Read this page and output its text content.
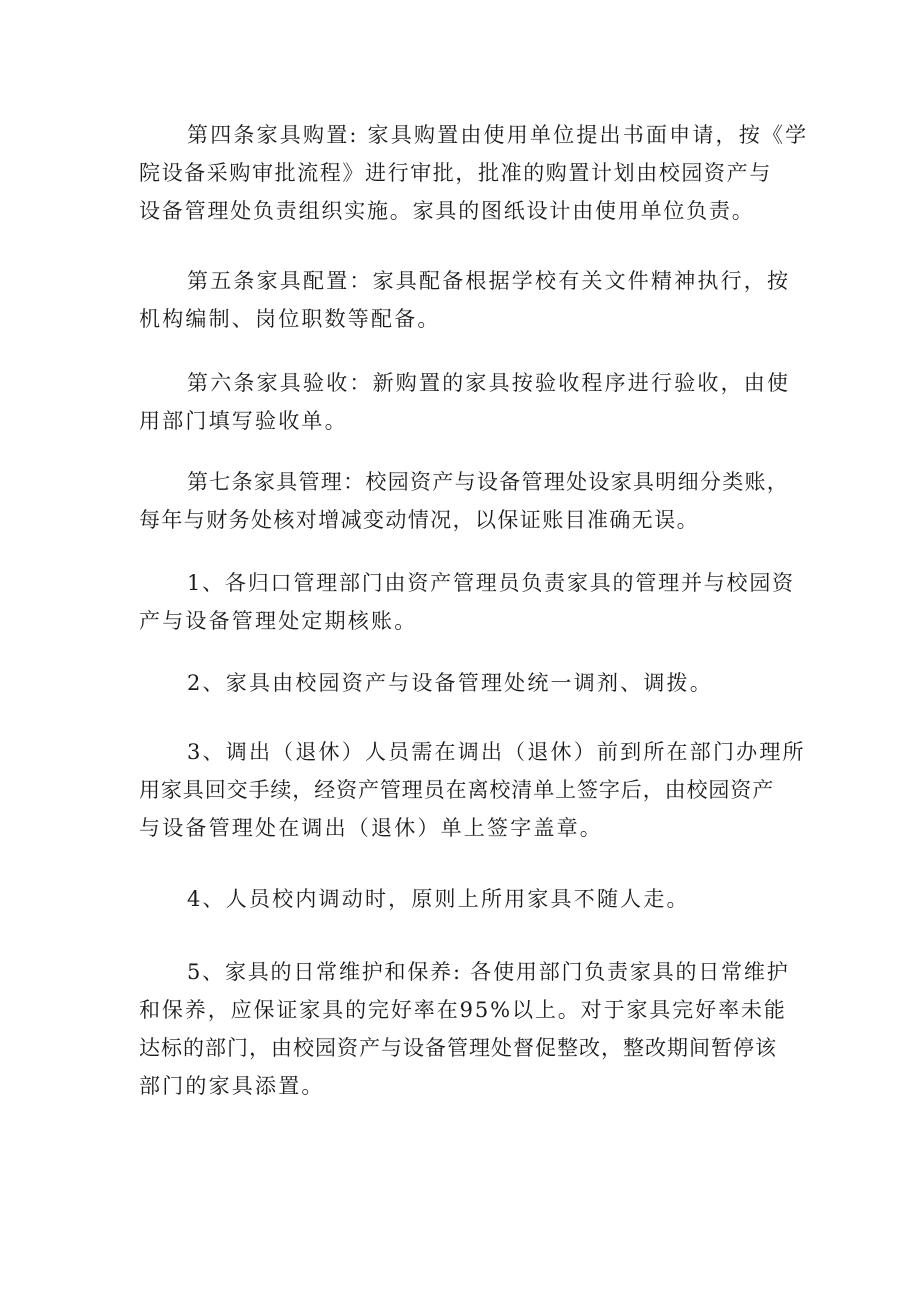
第四条家具购置: 家具购置由使用单位提出书面申请，按《学
院设备采购审批流程》进行审批，批准的购置计划由校园资产与
设备管理处负责组织实施。家具的图纸设计由使用单位负责。

第五条家具配置：家具配备根据学校有关文件精神执行，按
机构编制、岗位职数等配备。

第六条家具验收：新购置的家具按验收程序进行验收，由使
用部门填写验收单。

第七条家具管理：校园资产与设备管理处设家具明细分类账，
每年与财务处核对增减变动情况，以保证账目准确无误。

1、各归口管理部门由资产管理员负责家具的管理并与校园资
产与设备管理处定期核账。

2、家具由校园资产与设备管理处统一调剂、调拨。

3、调出（退休）人员需在调出（退休）前到所在部门办理所
用家具回交手续，经资产管理员在离校清单上签字后，由校园资产
与设备管理处在调出（退休）单上签字盖章。

4、人员校内调动时，原则上所用家具不随人走。

5、家具的日常维护和保养: 各使用部门负责家具的日常维护
和保养，应保证家具的完好率在95%以上。对于家具完好率未能
达标的部门，由校园资产与设备管理处督促整改，整改期间暂停该
部门的家具添置。
